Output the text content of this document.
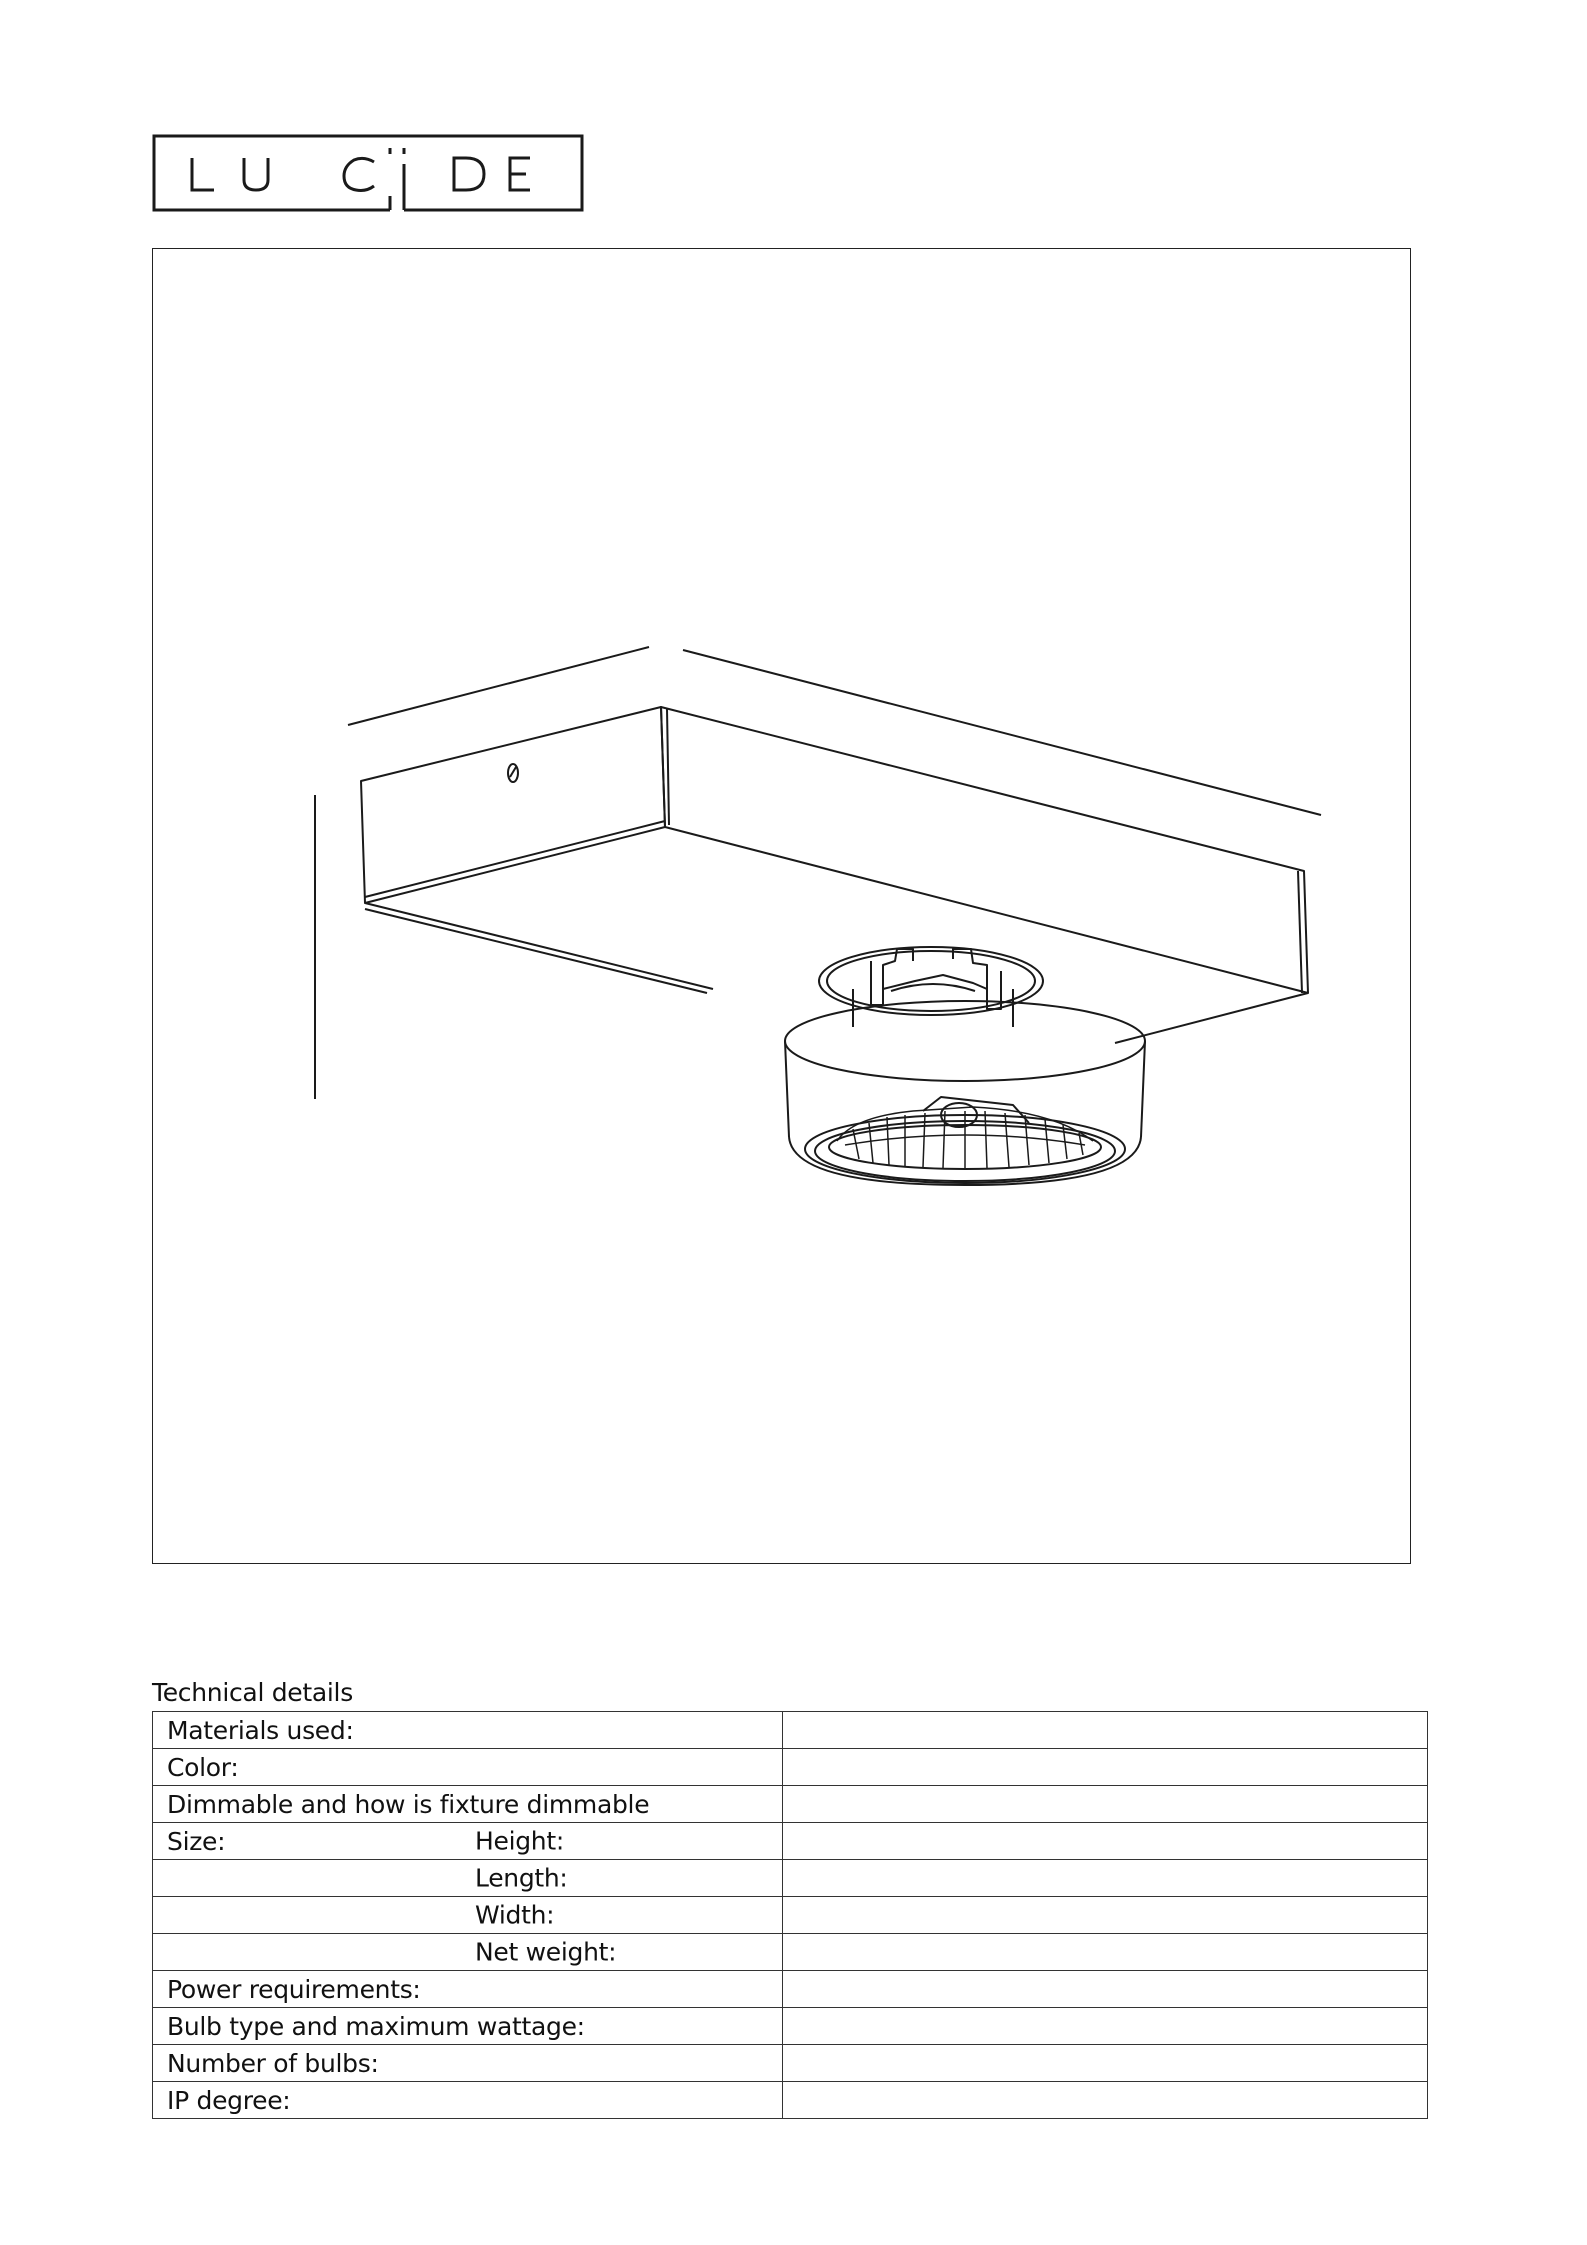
Technical details
Materials used:	
Color:	
Dimmable and how is fixture dimmable	
Size: Height:	

Length:	

Width:	

Net weight:	

Power requirements:	
Bulb type and maximum wattage:	
Number of bulbs:	
IP degree:	
